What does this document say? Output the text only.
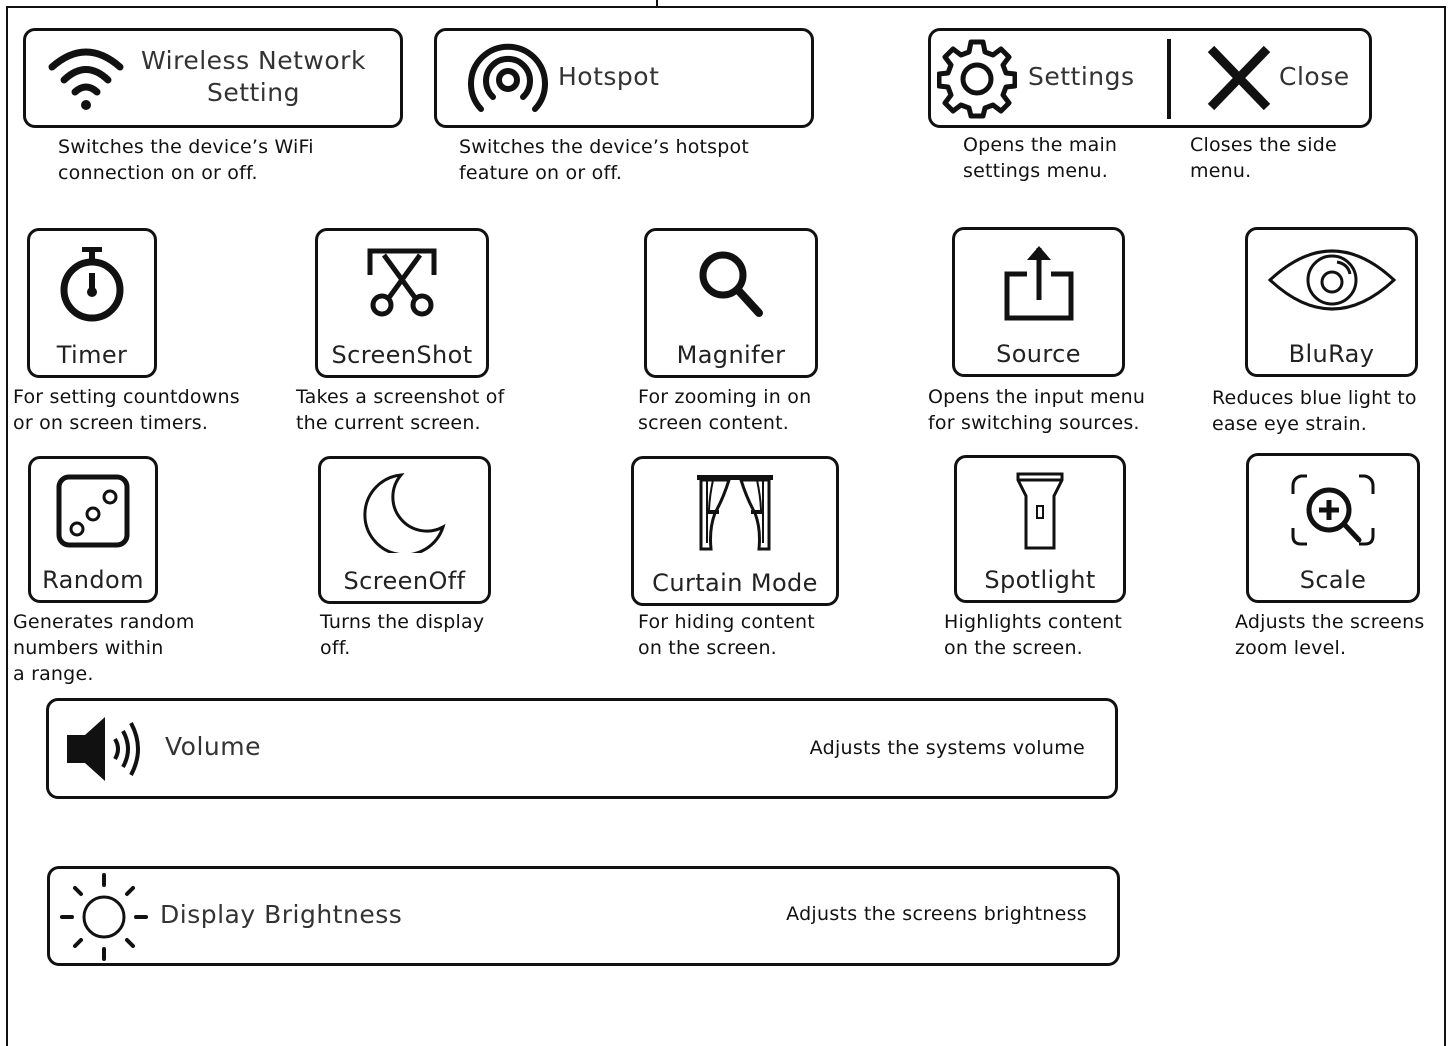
Wireless Network
Setting
Switches the device’s WiFi
connection on or off.
Hotspot
Switches the device’s hotspot
feature on or off.
Settings	Close
Opens the main
settings menu.
Closes the side
menu.
Timer
For setting countdowns
or on screen timers.
ScreenShot
Takes a screenshot of
the current screen.
Magnifer
For zooming in on
screen content.
Source
Opens the input menu
for switching sources.
BluRay
Reduces blue light to
ease eye strain.
Random
Generates random
numbers within
a range.
ScreenOff
Turns the display
off.
Curtain Mode
For hiding content
on the screen.
Spotlight
Highlights content
on the screen.
Scale
Adjusts the screens
zoom level.
Volume	Adjusts the systems volume
Display Brightness	Adjusts the screens brightness
